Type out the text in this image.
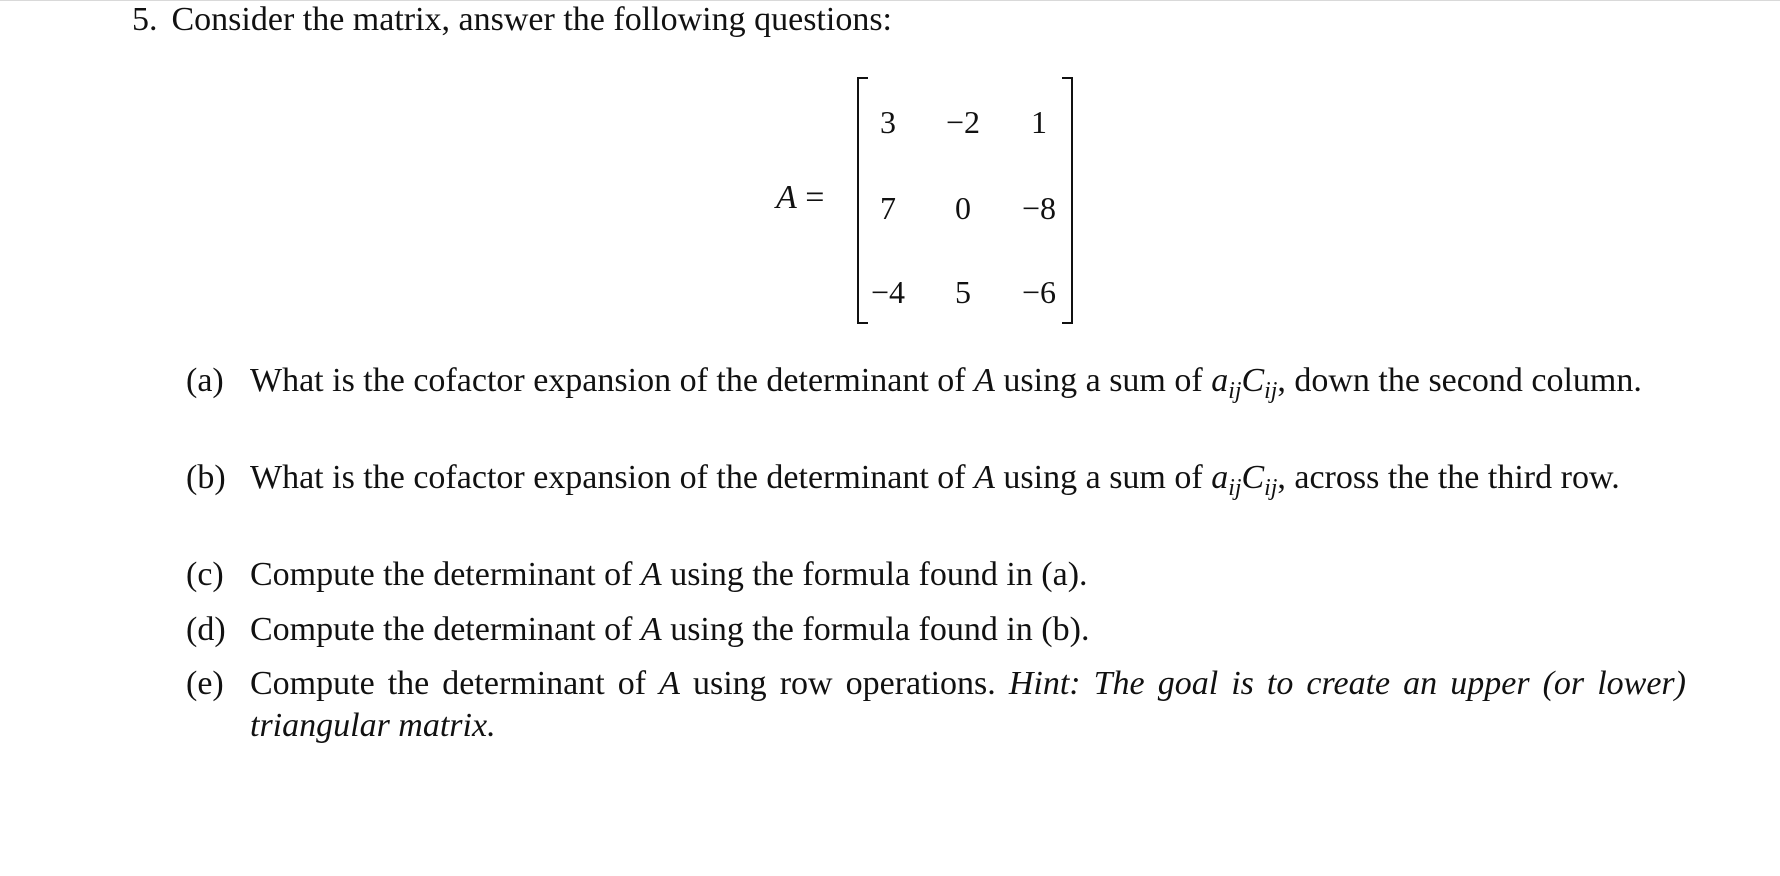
5. Consider the matrix, answer the following questions:
A =
3	−2	1
7	0	−8
−4	5	−6
(a) What is the cofactor expansion of the determinant of A using a sum of $a_{ij}C_{ij}$, down the second column.
(b) What is the cofactor expansion of the determinant of A using a sum of $a_{ij}C_{ij}$, across the the third row.
(c) Compute the determinant of A using the formula found in (a).
(d) Compute the determinant of A using the formula found in (b).
(e) Compute the determinant of A using row operations. Hint: The goal is to create an upper (or lower) triangular matrix.
